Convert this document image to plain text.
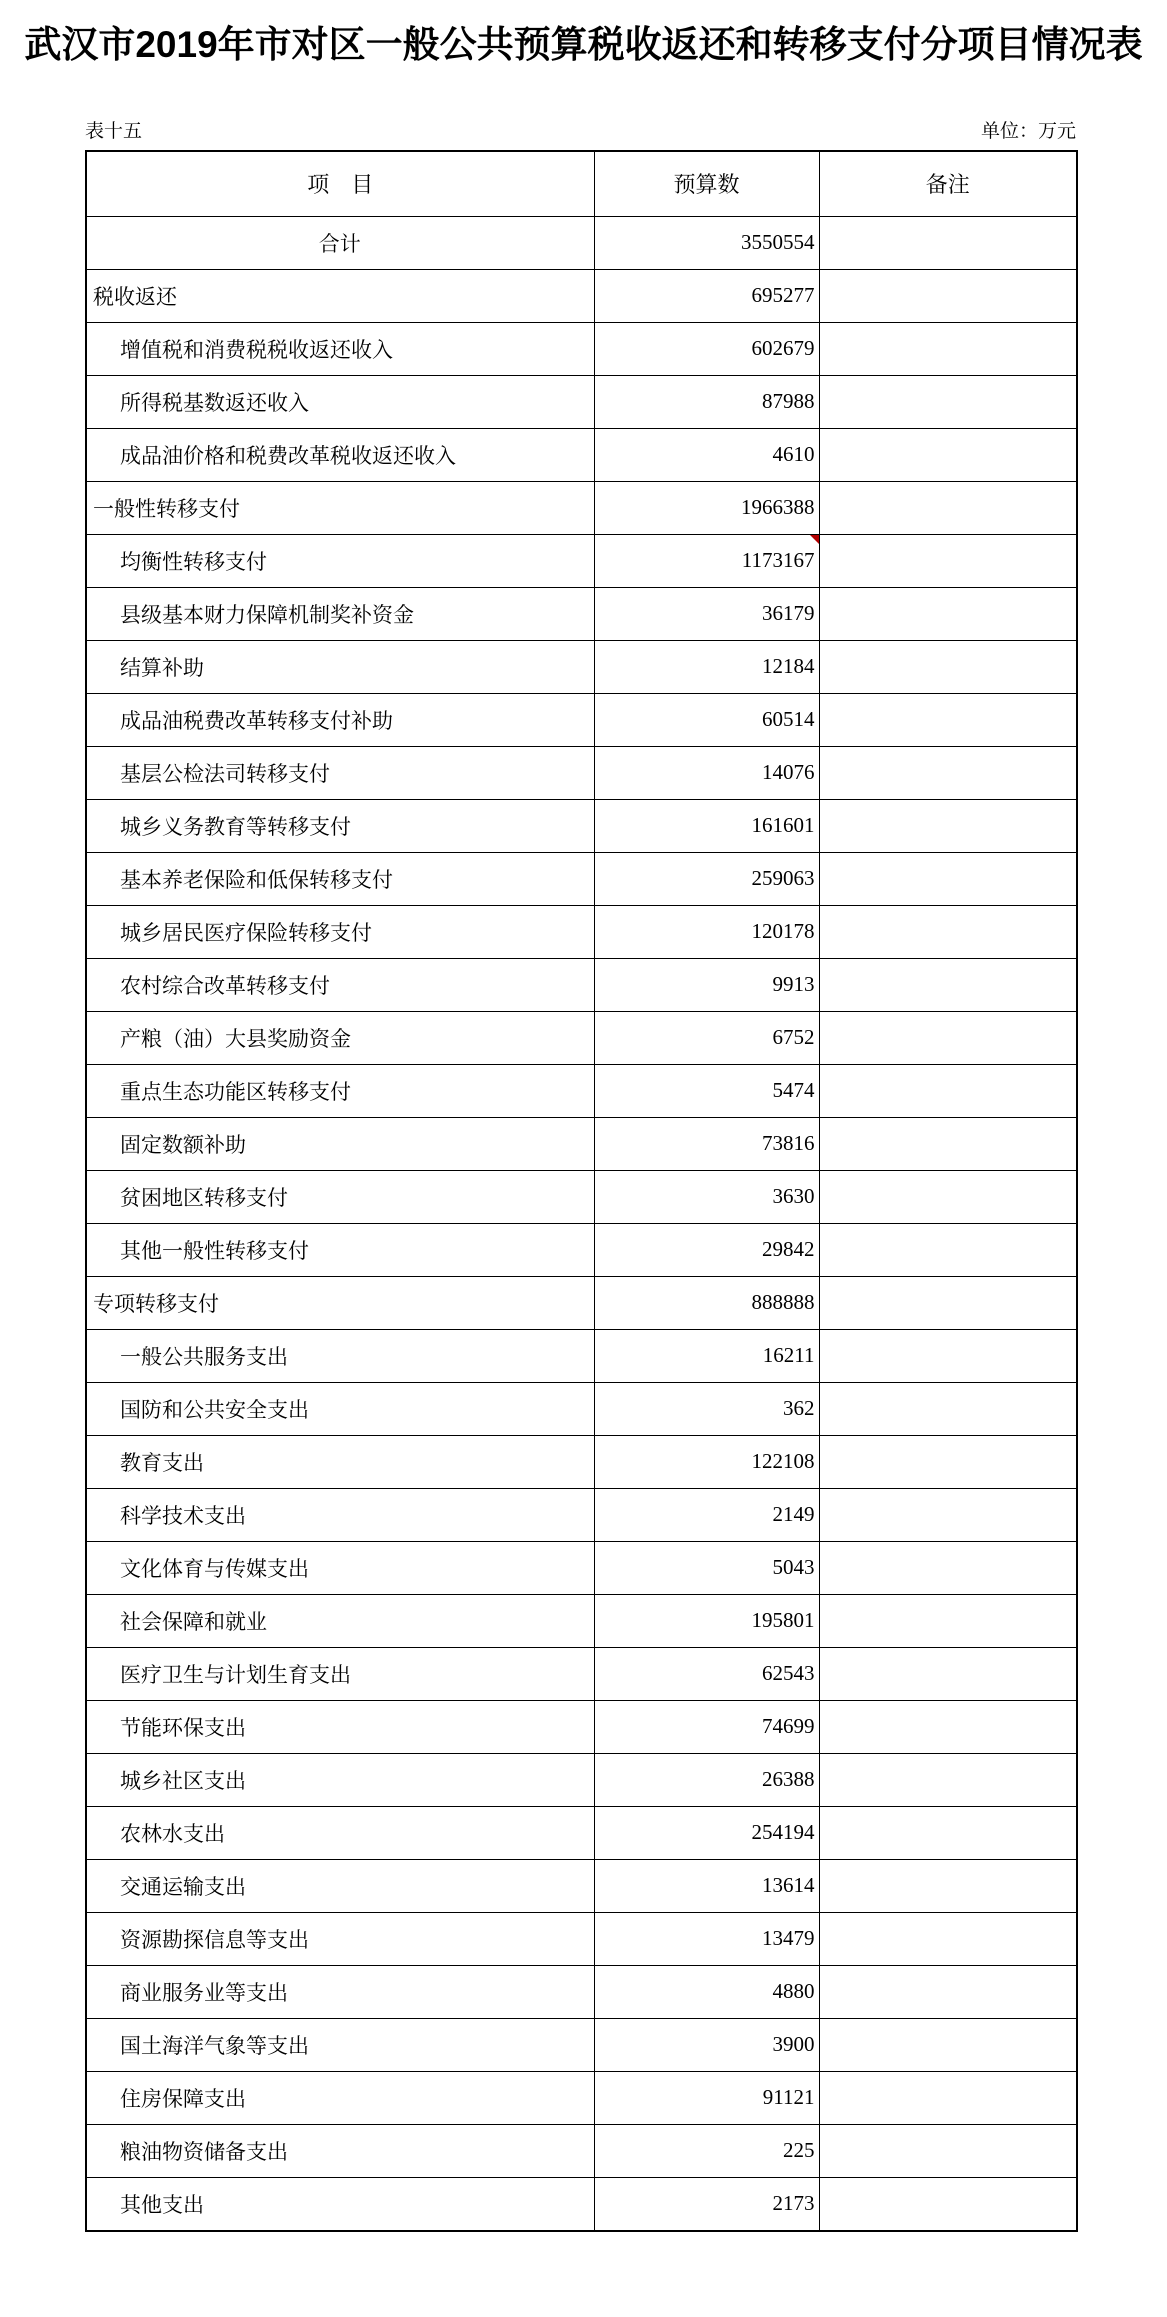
武汉市2019年市对区一般公共预算税收返还和转移支付分项目情况表
表十五	单位：万元
项　目	预算数	备注
合计	3550554	
税收返还	695277	
增值税和消费税税收返还收入	602679	
所得税基数返还收入	87988	
成品油价格和税费改革税收返还收入	4610	
一般性转移支付	1966388	
均衡性转移支付	1173167

县级基本财力保障机制奖补资金	36179	
结算补助	12184	
成品油税费改革转移支付补助	60514	
基层公检法司转移支付	14076	
城乡义务教育等转移支付	161601	
基本养老保险和低保转移支付	259063	
城乡居民医疗保险转移支付	120178	
农村综合改革转移支付	9913	
产粮（油）大县奖励资金	6752	
重点生态功能区转移支付	5474	
固定数额补助	73816	
贫困地区转移支付	3630	
其他一般性转移支付	29842	
专项转移支付	888888	
一般公共服务支出	16211	
国防和公共安全支出	362	
教育支出	122108	
科学技术支出	2149	
文化体育与传媒支出	5043	
社会保障和就业	195801	
医疗卫生与计划生育支出	62543	
节能环保支出	74699	
城乡社区支出	26388	
农林水支出	254194	
交通运输支出	13614	
资源勘探信息等支出	13479	
商业服务业等支出	4880	
国土海洋气象等支出	3900	
住房保障支出	91121	
粮油物资储备支出	225	
其他支出	2173	
